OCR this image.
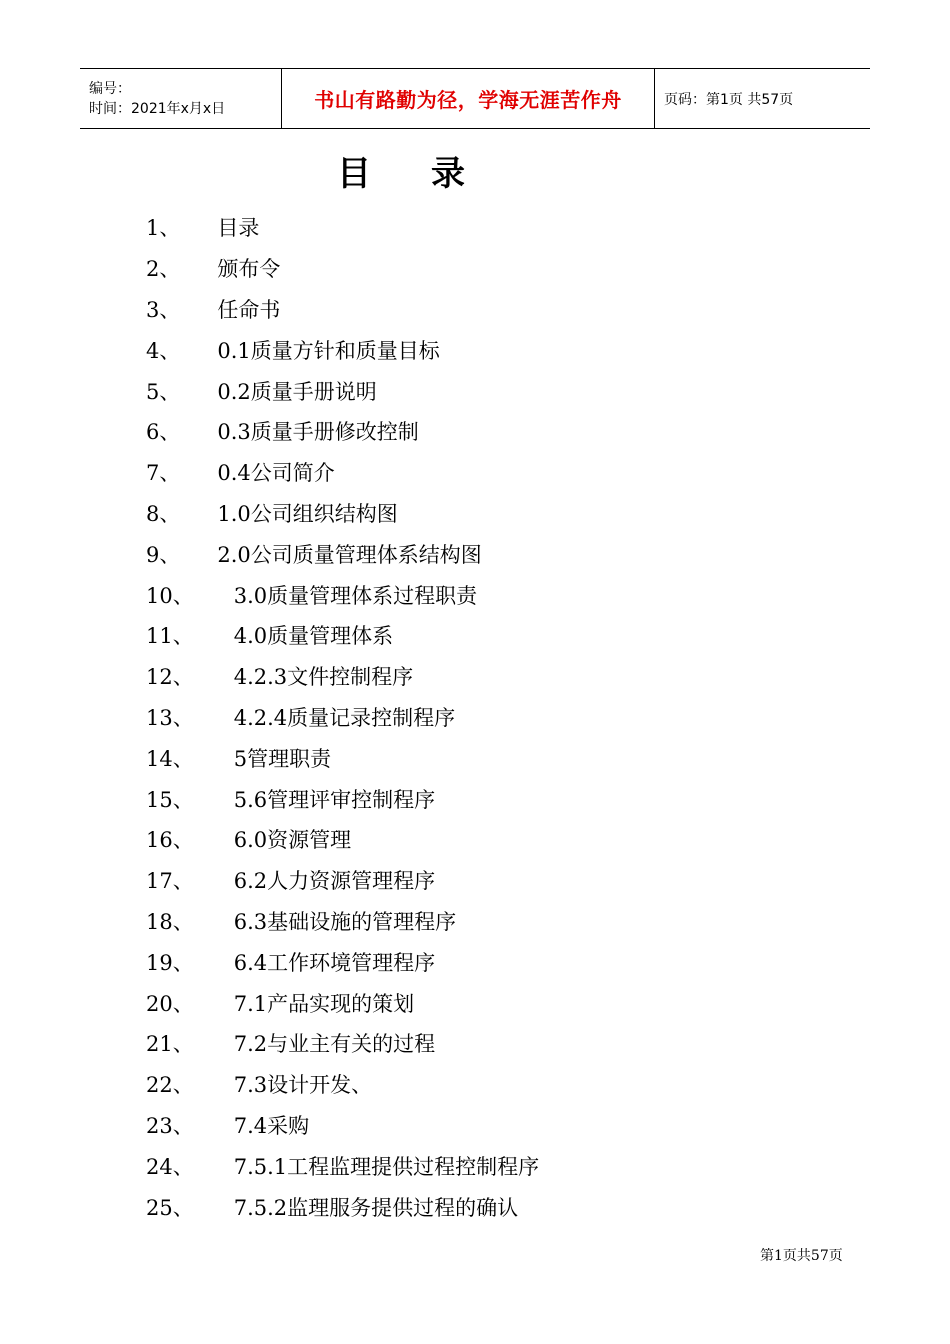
编号：
时间：2021年x月x日	书山有路勤为径，学海无涯苦作舟	页码：第1页 共57页
目录
1、 目录
2、 颁布令
3、 任命书
4、 0.1质量方针和质量目标
5、 0.2质量手册说明
6、 0.3质量手册修改控制
7、 0.4公司简介
8、 1.0公司组织结构图
9、 2.0公司质量管理体系结构图
10、 3.0质量管理体系过程职责
11、 4.0质量管理体系
12、 4.2.3文件控制程序
13、 4.2.4质量记录控制程序
14、 5管理职责
15、 5.6管理评审控制程序
16、 6.0资源管理
17、 6.2人力资源管理程序
18、 6.3基础设施的管理程序
19、 6.4工作环境管理程序
20、 7.1产品实现的策划
21、 7.2与业主有关的过程
22、 7.3设计开发、
23、 7.4采购
24、 7.5.1工程监理提供过程控制程序
25、 7.5.2监理服务提供过程的确认
第1页共57页
